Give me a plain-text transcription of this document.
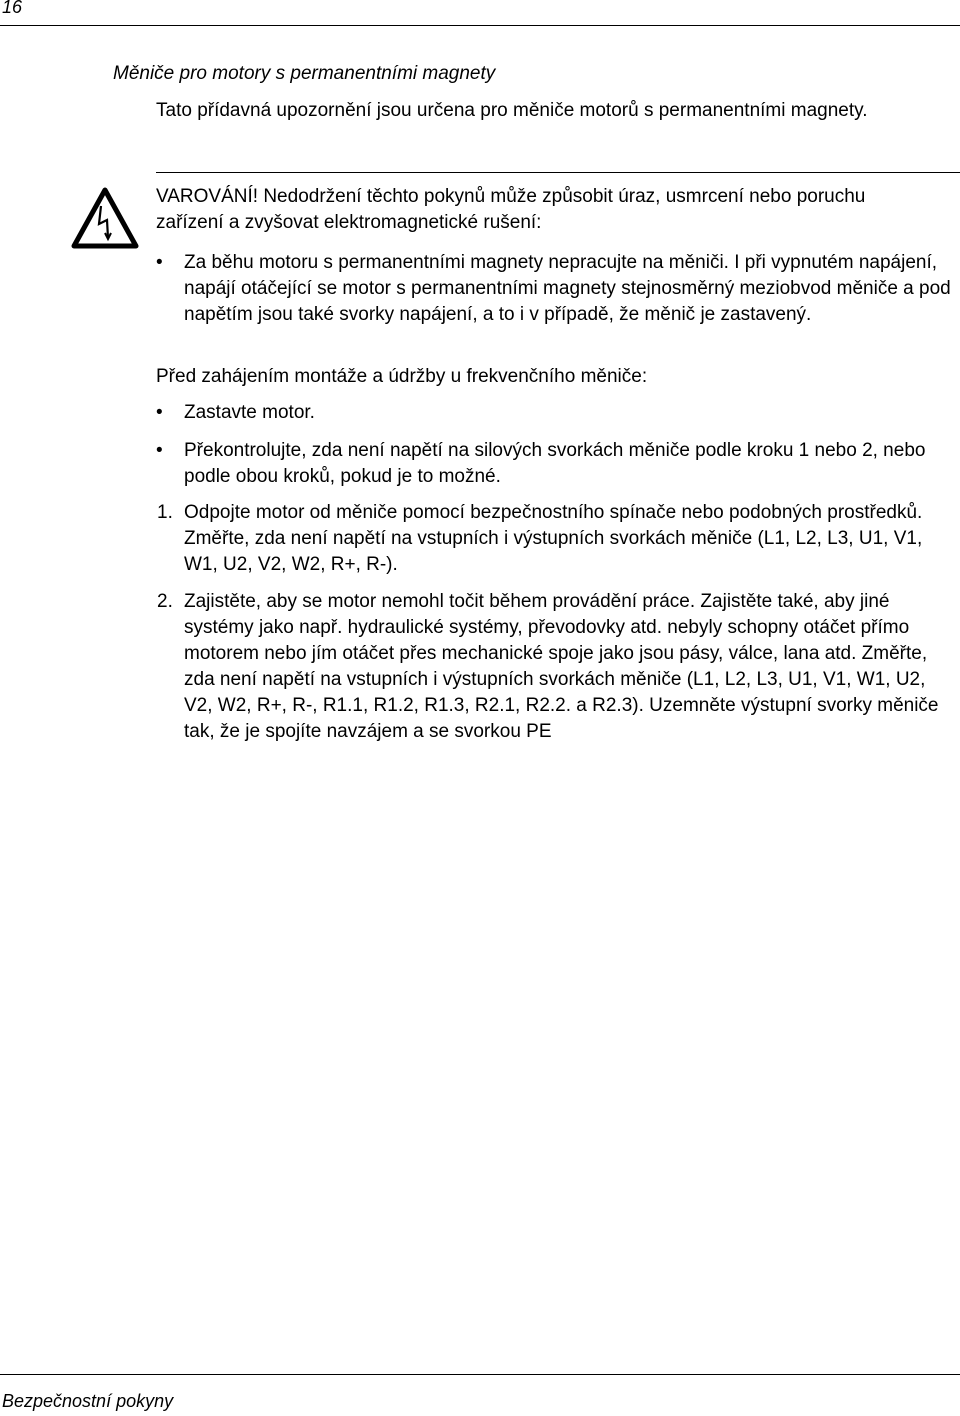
16
Měniče pro motory s permanentními magnety
Tato přídavná upozornění jsou určena pro měniče motorů s permanentními magnety.
VAROVÁNÍ! Nedodržení těchto pokynů může způsobit úraz, usmrcení nebo poruchu zařízení a zvyšovat elektromagnetické rušení:
• Za běhu motoru s permanentními magnety nepracujte na měniči. I při vypnutém napájení, napájí otáčející se motor s permanentními magnety stejnosměrný meziobvod měniče a pod napětím jsou také svorky napájení, a to i v případě, že měnič je zastavený.
Před zahájením montáže a údržby u frekvenčního měniče:
• Zastavte motor.
• Překontrolujte, zda není napětí na silových svorkách měniče podle kroku 1 nebo 2, nebo podle obou kroků, pokud je to možné.
1. Odpojte motor od měniče pomocí bezpečnostního spínače nebo podobných prostředků. Změřte, zda není napětí na vstupních i výstupních svorkách měniče (L1, L2, L3, U1, V1, W1, U2, V2, W2, R+, R-).
2. Zajistěte, aby se motor nemohl točit během provádění práce. Zajistěte také, aby jiné systémy jako např. hydraulické systémy, převodovky atd. nebyly schopny otáčet přímo motorem nebo jím otáčet přes mechanické spoje jako jsou pásy, válce, lana atd. Změřte, zda není napětí na vstupních i výstupních svorkách měniče (L1, L2, L3, U1, V1, W1, U2, V2, W2, R+, R-, R1.1, R1.2, R1.3, R2.1, R2.2. a R2.3). Uzemněte výstupní svorky měniče tak, že je spojíte navzájem a se svorkou PE
Bezpečnostní pokyny
